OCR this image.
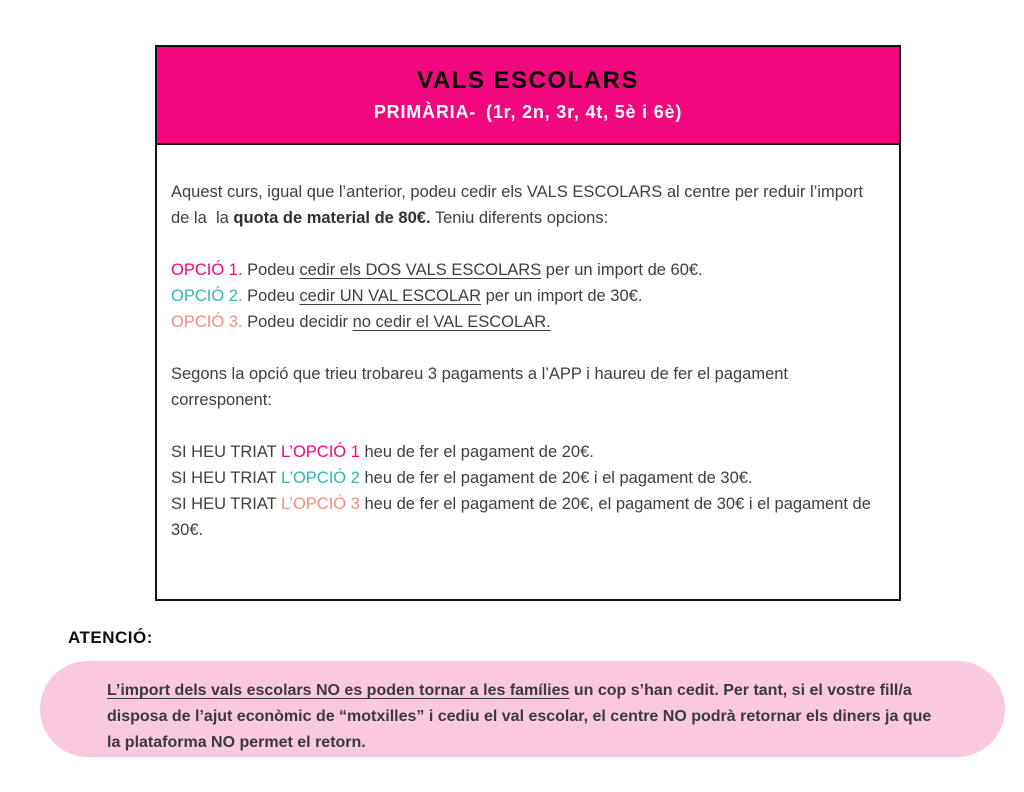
VALS ESCOLARS
PRIMÀRIA- (1r, 2n, 3r, 4t, 5è i 6è)

Aquest curs, igual que l’anterior, podeu cedir els VALS ESCOLARS al centre per reduir l’import de la  la quota de material de 80€. Teniu diferents opcions:

OPCIÓ 1. Podeu cedir els DOS VALS ESCOLARS per un import de 60€.

OPCIÓ 2. Podeu cedir UN VAL ESCOLAR per un import de 30€.

OPCIÓ 3. Podeu decidir no cedir el VAL ESCOLAR.

Segons la opció que trieu trobareu 3 pagaments a l’APP i haureu de fer el pagament corresponent:

SI HEU TRIAT L’OPCIÓ 1 heu de fer el pagament de 20€.

SI HEU TRIAT L’OPCIÓ 2 heu de fer el pagament de 20€ i el pagament de 30€.

SI HEU TRIAT L’OPCIÓ 3 heu de fer el pagament de 20€, el pagament de 30€ i el pagament de 30€.

ATENCIÓ:
L’import dels vals escolars NO es poden tornar a les famílies un cop s’han cedit. Per tant, si el vostre fill/a disposa de l’ajut econòmic de “motxilles” i cediu el val escolar, el centre NO podrà retornar els diners ja que la plataforma NO permet el retorn.
